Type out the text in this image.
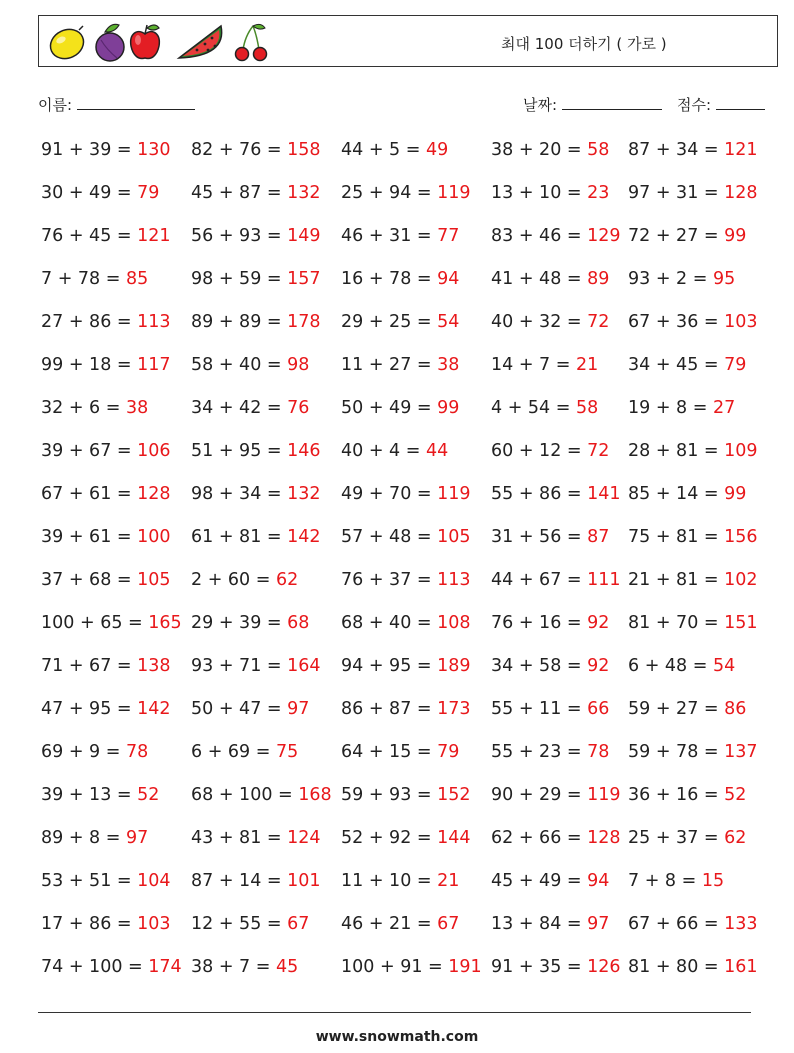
최대 100 더하기 ( 가로 )
이름:	날짜:	점수:
91 + 39 = 130 82 + 76 = 158 44 + 5 = 49 38 + 20 = 58 87 + 34 = 121
30 + 49 = 79 45 + 87 = 132 25 + 94 = 119 13 + 10 = 23 97 + 31 = 128
76 + 45 = 121 56 + 93 = 149 46 + 31 = 77 83 + 46 = 129 72 + 27 = 99
7 + 78 = 85 98 + 59 = 157 16 + 78 = 94 41 + 48 = 89 93 + 2 = 95
27 + 86 = 113 89 + 89 = 178 29 + 25 = 54 40 + 32 = 72 67 + 36 = 103
99 + 18 = 117 58 + 40 = 98 11 + 27 = 38 14 + 7 = 21 34 + 45 = 79
32 + 6 = 38 34 + 42 = 76 50 + 49 = 99 4 + 54 = 58 19 + 8 = 27
39 + 67 = 106 51 + 95 = 146 40 + 4 = 44 60 + 12 = 72 28 + 81 = 109
67 + 61 = 128 98 + 34 = 132 49 + 70 = 119 55 + 86 = 141 85 + 14 = 99
39 + 61 = 100 61 + 81 = 142 57 + 48 = 105 31 + 56 = 87 75 + 81 = 156
37 + 68 = 105 2 + 60 = 62 76 + 37 = 113 44 + 67 = 111 21 + 81 = 102
100 + 65 = 165 29 + 39 = 68 68 + 40 = 108 76 + 16 = 92 81 + 70 = 151
71 + 67 = 138 93 + 71 = 164 94 + 95 = 189 34 + 58 = 92 6 + 48 = 54
47 + 95 = 142 50 + 47 = 97 86 + 87 = 173 55 + 11 = 66 59 + 27 = 86
69 + 9 = 78 6 + 69 = 75 64 + 15 = 79 55 + 23 = 78 59 + 78 = 137
39 + 13 = 52 68 + 100 = 168 59 + 93 = 152 90 + 29 = 119 36 + 16 = 52
89 + 8 = 97 43 + 81 = 124 52 + 92 = 144 62 + 66 = 128 25 + 37 = 62
53 + 51 = 104 87 + 14 = 101 11 + 10 = 21 45 + 49 = 94 7 + 8 = 15
17 + 86 = 103 12 + 55 = 67 46 + 21 = 67 13 + 84 = 97 67 + 66 = 133
74 + 100 = 174 38 + 7 = 45 100 + 91 = 191 91 + 35 = 126 81 + 80 = 161
www.snowmath.com
